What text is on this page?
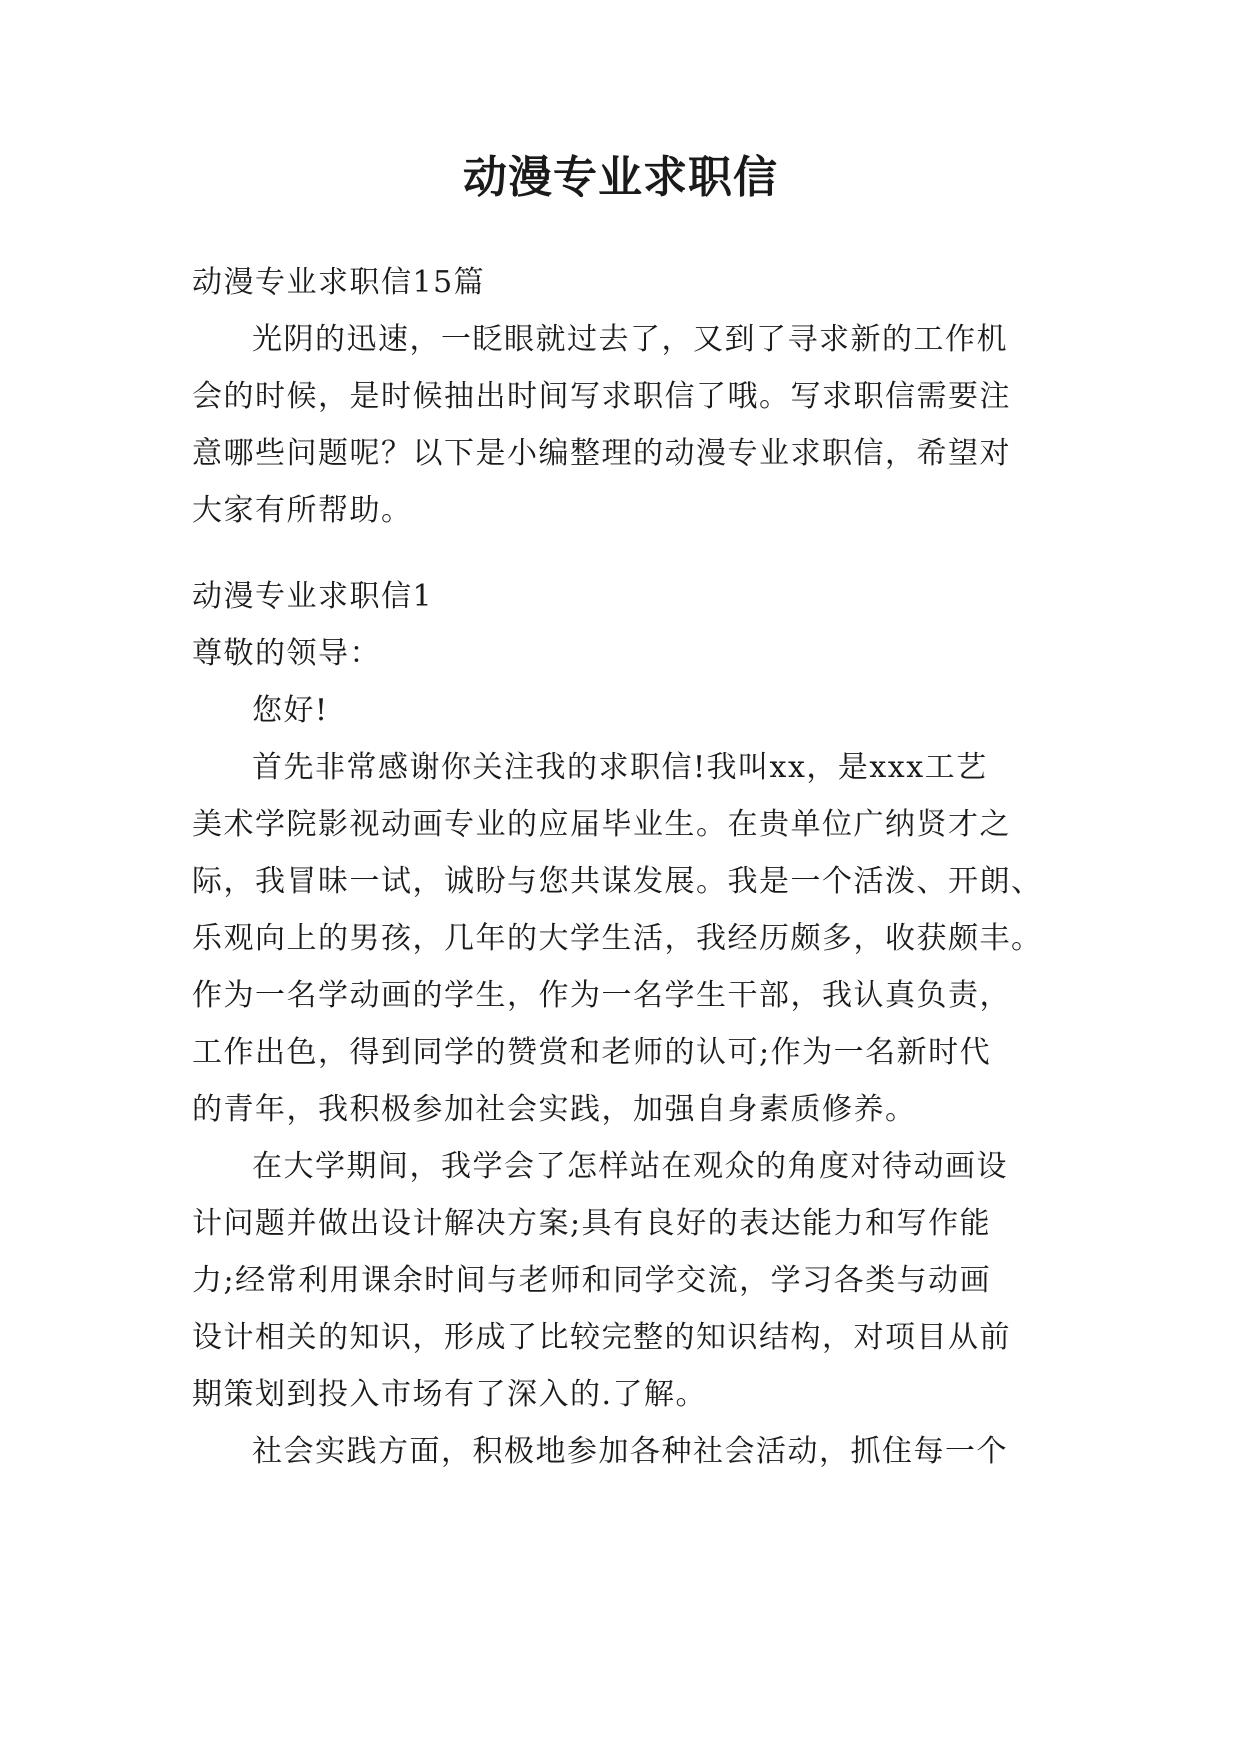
动漫专业求职信

动漫专业求职信15篇

光阴的迅速，一眨眼就过去了，又到了寻求新的工作机

会的时候，是时候抽出时间写求职信了哦。写求职信需要注

意哪些问题呢？以下是小编整理的动漫专业求职信，希望对

大家有所帮助。

动漫专业求职信1

尊敬的领导：

您好!

首先非常感谢你关注我的求职信!我叫xx，是xxx工艺

美术学院影视动画专业的应届毕业生。在贵单位广纳贤才之

际，我冒昧一试，诚盼与您共谋发展。我是一个活泼、开朗、

乐观向上的男孩，几年的大学生活，我经历颇多，收获颇丰。

作为一名学动画的学生，作为一名学生干部，我认真负责，

工作出色，得到同学的赞赏和老师的认可;作为一名新时代

的青年，我积极参加社会实践，加强自身素质修养。

在大学期间，我学会了怎样站在观众的角度对待动画设

计问题并做出设计解决方案;具有良好的表达能力和写作能

力;经常利用课余时间与老师和同学交流，学习各类与动画

设计相关的知识，形成了比较完整的知识结构，对项目从前

期策划到投入市场有了深入的.了解。

社会实践方面，积极地参加各种社会活动，抓住每一个
